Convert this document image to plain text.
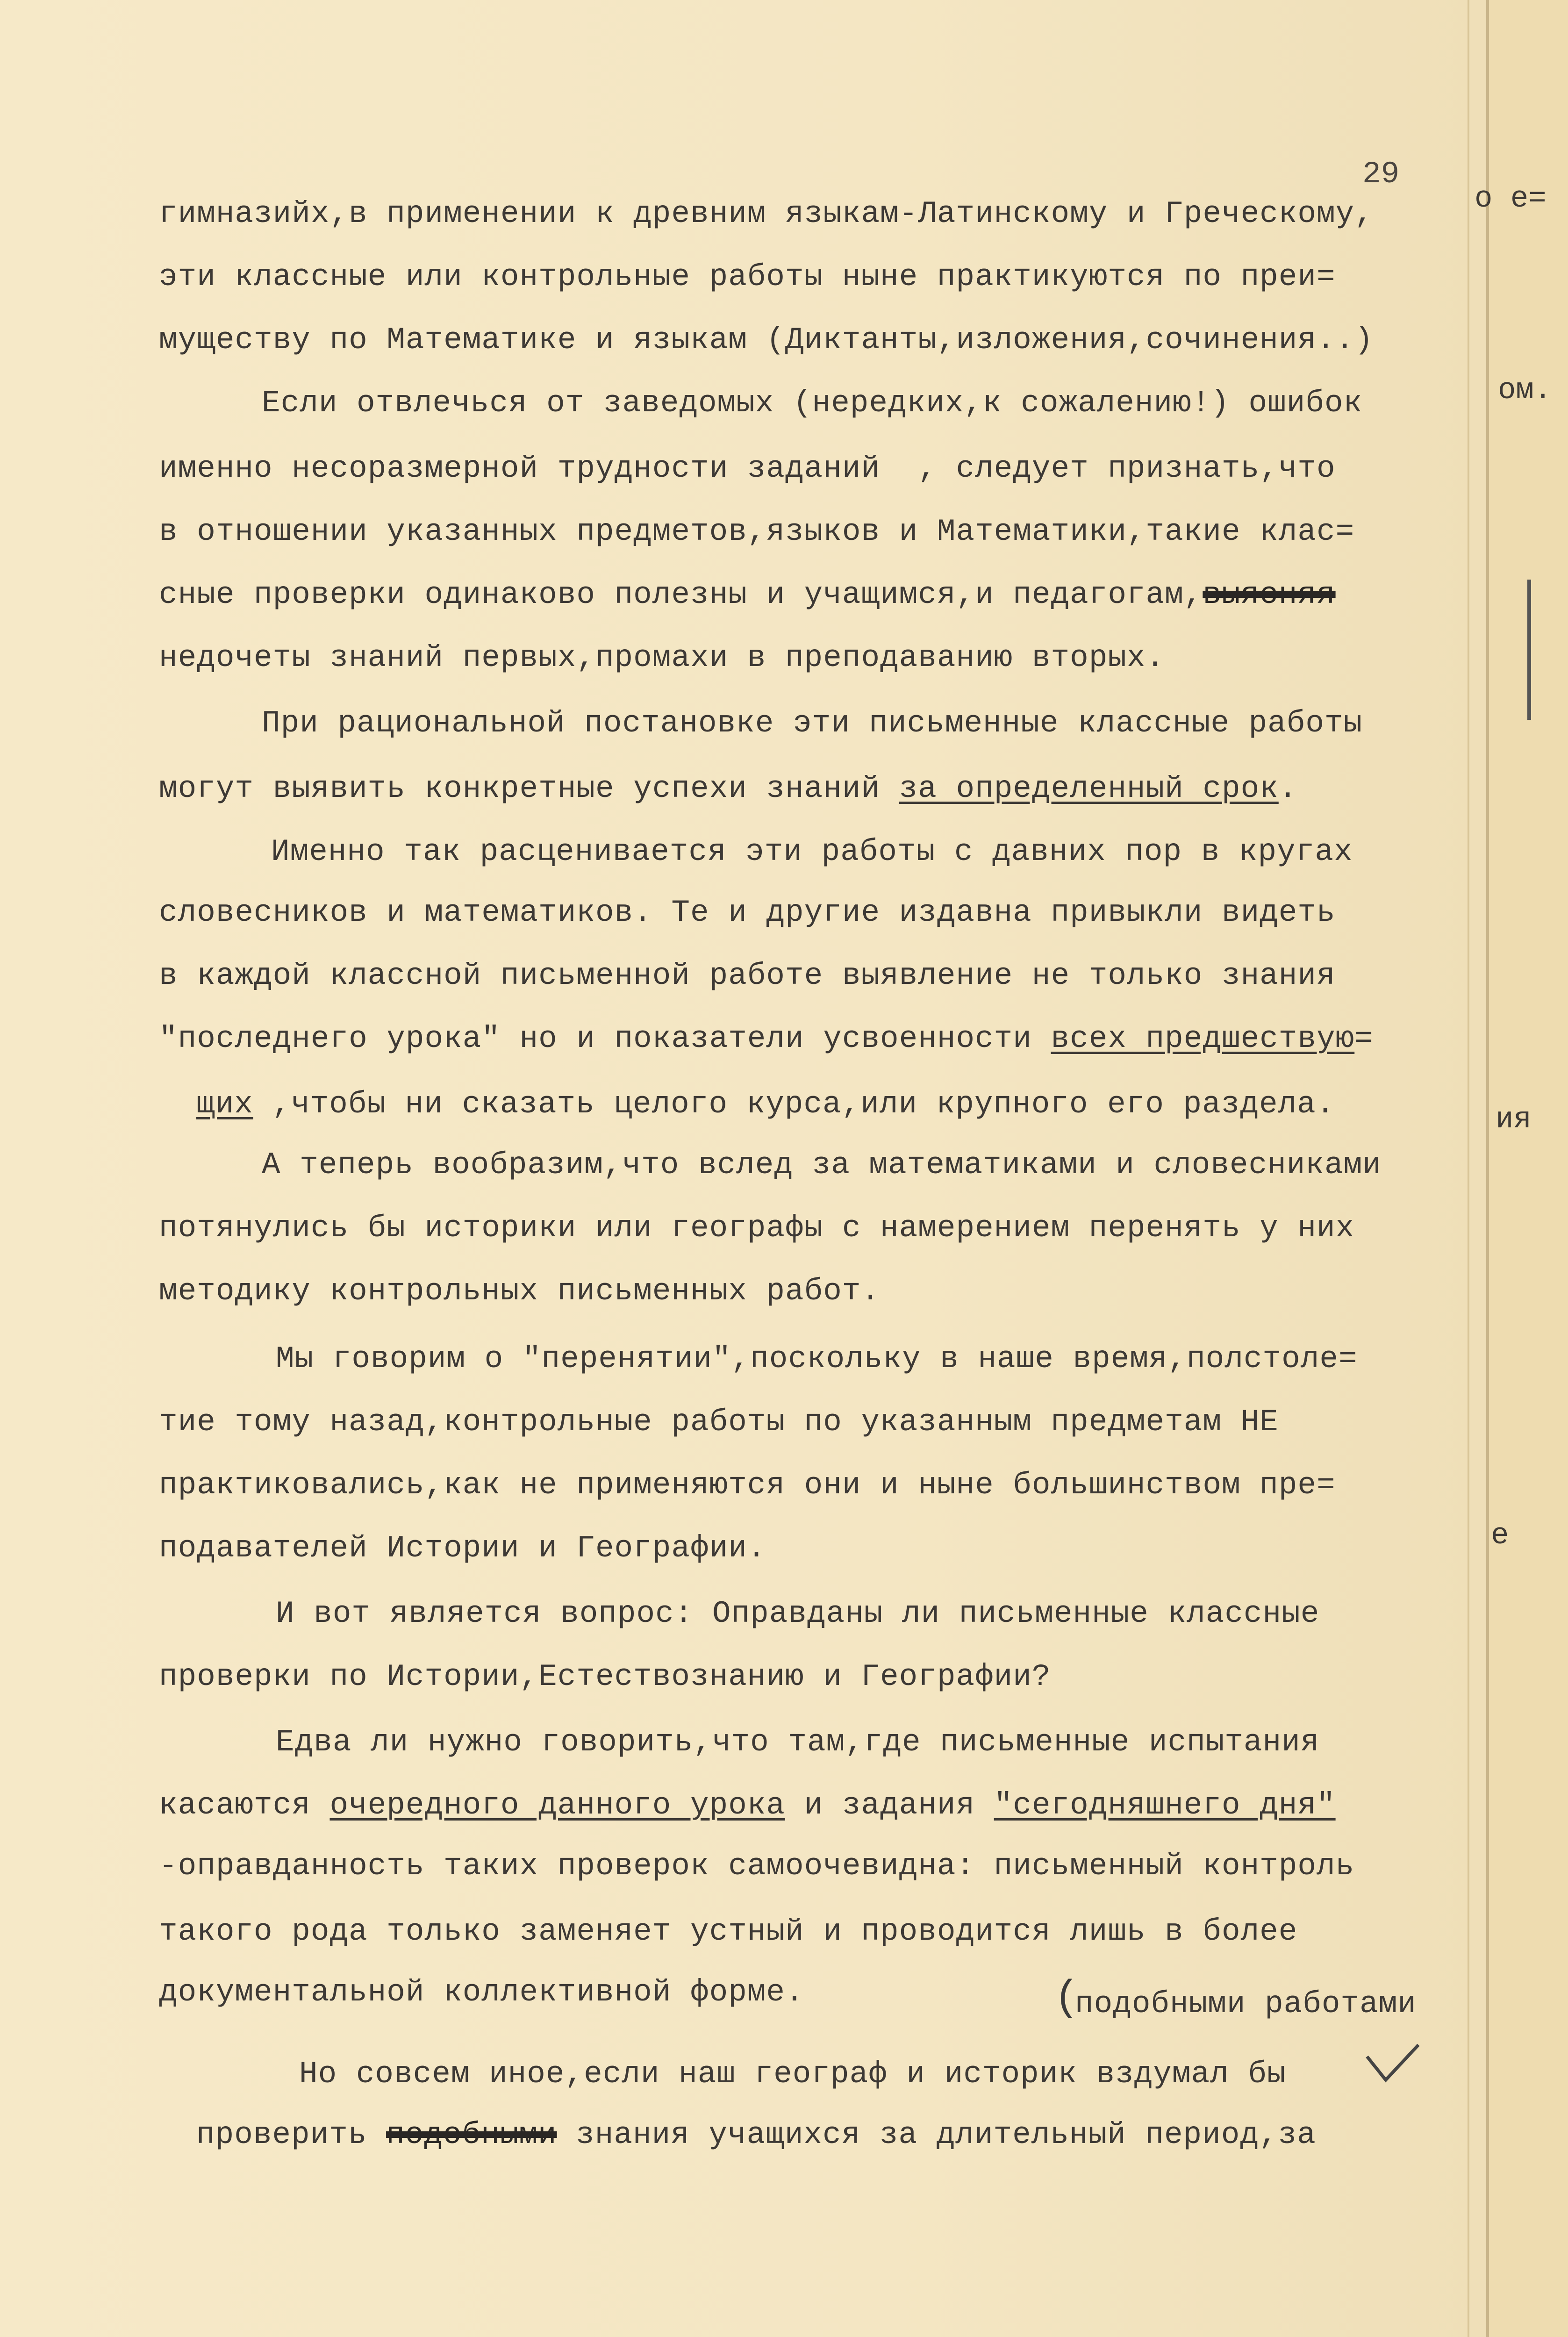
29
гимназийх,в применении к древним языкам-Латинскому и Греческому,
эти классные или контрольные работы ныне практикуются по преи=
муществу по Математике и языкам (Диктанты,изложения,сочинения..)
Если отвлечься от заведомых (нередких,к сожалению!) ошибок
именно несоразмерной трудности заданий  , следует признать,что
в отношении указанных предметов,языков и Математики,такие клас=
сные проверки одинаково полезны и учащимся,и педагогам,выясняя
недочеты знаний первых,промахи в преподаванию вторых.
При рациональной постановке эти письменные классные работы
могут выявить конкретные успехи знаний за определенный срок.
Именно так расценивается эти работы с давних пор в кругах
словесников и математиков. Те и другие издавна привыкли видеть
в каждой классной письменной работе выявление не только знания
"последнего урока" но и показатели усвоенности всех предшествую=
щих ,чтобы ни сказать целого курса,или крупного его раздела.
А теперь вообразим,что вслед за математиками и словесниками
потянулись бы историки или географы с намерением перенять у них
методику контрольных письменных работ.
Мы говорим о "перенятии",поскольку в наше время,полстоле=
тие тому назад,контрольные работы по указанным предметам НЕ
практиковались,как не применяются они и ныне большинством пре=
подавателей Истории и Географии.
И вот является вопрос: Оправданы ли письменные классные
проверки по Истории,Естествознанию и Географии?
Едва ли нужно говорить,что там,где письменные испытания
касаются очередного данного урока и задания "сегодняшнего дня"
-оправданность таких проверок самоочевидна: письменный контроль
такого рода только заменяет устный и проводится лишь в более
документальной коллективной форме.
Но совсем иное,если наш географ и историк вздумал бы
проверить подобными знания учащихся за длительный период,за
(
подобными работами
о е=
ом.
ия
е
